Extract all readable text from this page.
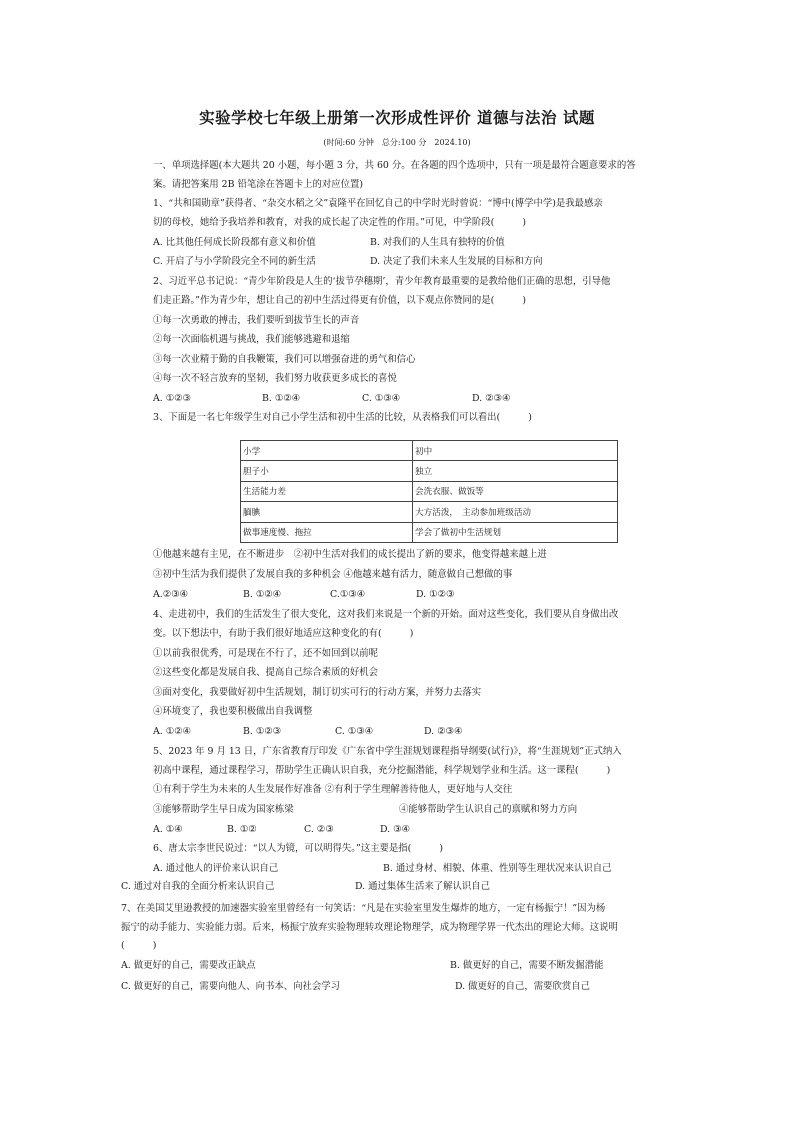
实验学校七年级上册第一次形成性评价 道德与法治 试题
(时间:60 分钟　总分:100 分　2024.10)
一、单项选择题(本大题共 20 小题，每小题 3 分，共 60 分。在各题的四个选项中，只有一项是最符合题意要求的答
案。请把答案用 2B 铅笔涂在答题卡上的对应位置)
1、“共和国勋章”获得者、“杂交水稻之父”袁隆平在回忆自己的中学时光时曾说：“博中(博学中学)是我最感亲
切的母校，她给予我培养和教育，对我的成长起了决定性的作用。”可见，中学阶段(　　　)
A. 比其他任何成长阶段都有意义和价值	B. 对我们的人生具有独特的价值
C. 开启了与小学阶段完全不同的新生活	D. 决定了我们未来人生发展的目标和方向
2、习近平总书记说：“青少年阶段是人生的‘拔节孕穗期’，青少年教育最重要的是教给他们正确的思想，引导他
们走正路。”作为青少年，想让自己的初中生活过得更有价值，以下观点你赞同的是(　　　)
①每一次勇敢的搏击，我们要听到拔节生长的声音
②每一次面临机遇与挑战，我们能够逃避和退缩
③每一次业精于勤的自我鞭策，我们可以增强奋进的勇气和信心
④每一次不轻言放弃的坚韧，我们努力收获更多成长的喜悦
A. ①②③	B. ①②④	C. ①③④	D. ②③④
3、下面是一名七年级学生对自己小学生活和初中生活的比较，从表格我们可以看出(　　　)
小学	初中
胆子小	独立
生活能力差	会洗衣服、做饭等
腼腆	大方活泼，　主动参加班级活动
做事速度慢、拖拉	学会了做初中生活规划
①他越来越有主见，在不断进步　②初中生活对我们的成长提出了新的要求，他变得越来越上进
③初中生活为我们提供了发展自我的多种机会 ④他越来越有活力，随意做自己想做的事
A.②③④	B. ①②④	C.①③④	D. ①②③
4、走进初中，我们的生活发生了很大变化，这对我们来说是一个新的开始。面对这些变化，我们要从自身做出改
变。以下想法中，有助于我们很好地适应这种变化的有(　　　)
①以前我很优秀，可是现在不行了，还不如回到以前呢
②这些变化都是发展自我、提高自己综合素质的好机会
③面对变化，我要做好初中生活规划，制订切实可行的行动方案，并努力去落实
④环境变了，我也要积极做出自我调整
A. ①②④	B. ①②③	C. ①③④	D. ②③④
5、2023 年 9 月 13 日，广东省教育厅印发《广东省中学生涯规划课程指导纲要(试行)》，将“生涯规划”正式纳入
初高中课程，通过课程学习，帮助学生正确认识自我，充分挖掘潜能，科学规划学业和生活。这一课程(　　　)
①有利于学生为未来的人生发展作好准备 ②有利于学生理解善待他人，更好地与人交往
③能够帮助学生早日成为国家栋梁	④能够帮助学生认识自己的禀赋和努力方向
A. ①④	B. ①②	C. ②③	D. ③④
6、唐太宗李世民说过：“以人为镜，可以明得失。”这主要是指(　　　)
A. 通过他人的评价来认识自己	B. 通过身材、相貌、体重、性别等生理状况来认识自己
C. 通过对自我的全面分析来认识自己	D. 通过集体生活来了解认识自己
7、在美国艾里逊教授的加速器实验室里曾经有一句笑话：“凡是在实验室里发生爆炸的地方，一定有杨振宁！”因为杨
振宁的动手能力、实验能力弱。后来，杨振宁放弃实验物理转攻理论物理学，成为物理学界一代杰出的理论大师。这说明
(　　　)
A. 做更好的自己，需要改正缺点	B. 做更好的自己，需要不断发掘潜能
C. 做更好的自己，需要向他人、向书本、向社会学习	D. 做更好的自己，需要欣赏自己
